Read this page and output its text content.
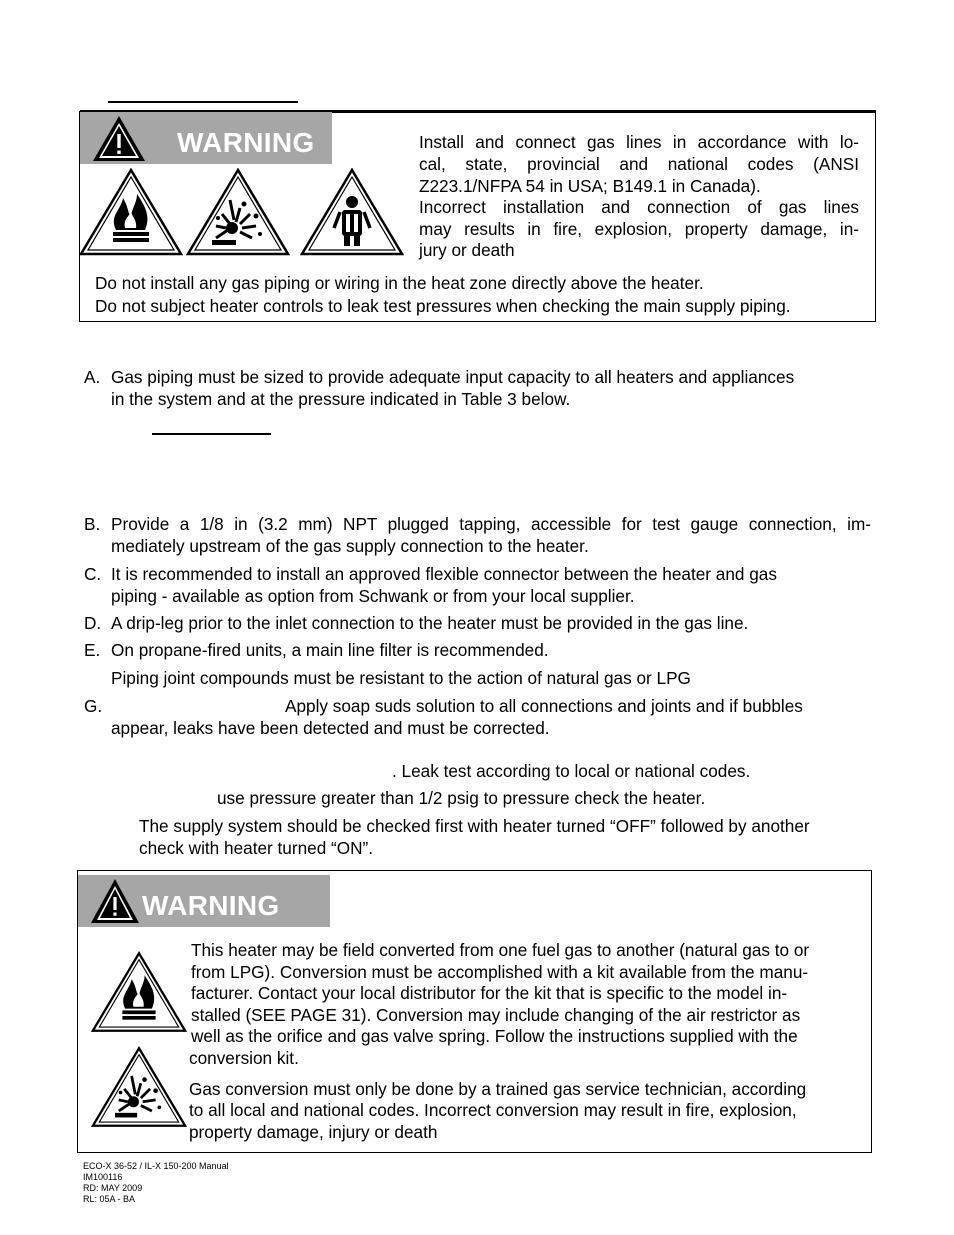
WARNING	Install and connect gas lines in accordance with lo-
cal, state, provincial and national codes (ANSI
Z223.1/NFPA 54 in USA; B149.1 in Canada).
Incorrect installation and connection of gas lines
may results in fire, explosion, property damage, in-
jury or death
Do not install any gas piping or wiring in the heat zone directly above the heater.
Do not subject heater controls to leak test pressures when checking the main supply piping.
A. Gas piping must be sized to provide adequate input capacity to all heaters and appliances
in the system and at the pressure indicated in Table 3 below.
B. Provide a 1/8 in (3.2 mm) NPT plugged tapping, accessible for test gauge connection, im-
mediately upstream of the gas supply connection to the heater.
C. It is recommended to install an approved flexible connector between the heater and gas
piping - available as option from Schwank or from your local supplier.
D. A drip-leg prior to the inlet connection to the heater must be provided in the gas line.
E. On propane-fired units, a main line filter is recommended.
Piping joint compounds must be resistant to the action of natural gas or LPG
G.	Apply soap suds solution to all connections and joints and if bubbles
appear, leaks have been detected and must be corrected.
. Leak test according to local or national codes.
use pressure greater than 1/2 psig to pressure check the heater.
The supply system should be checked first with heater turned “OFF” followed by another
check with heater turned “ON”.
WARNING
This heater may be field converted from one fuel gas to another (natural gas to or
from LPG). Conversion must be accomplished with a kit available from the manu-
facturer. Contact your local distributor for the kit that is specific to the model in-
stalled (SEE PAGE 31). Conversion may include changing of the air restrictor as
well as the orifice and gas valve spring. Follow the instructions supplied with the
conversion kit.
Gas conversion must only be done by a trained gas service technician, according
to all local and national codes. Incorrect conversion may result in fire, explosion,
property damage, injury or death
ECO-X 36-52 / IL-X 150-200 Manual
IM100116
RD: MAY 2009
RL: 05A - BA
